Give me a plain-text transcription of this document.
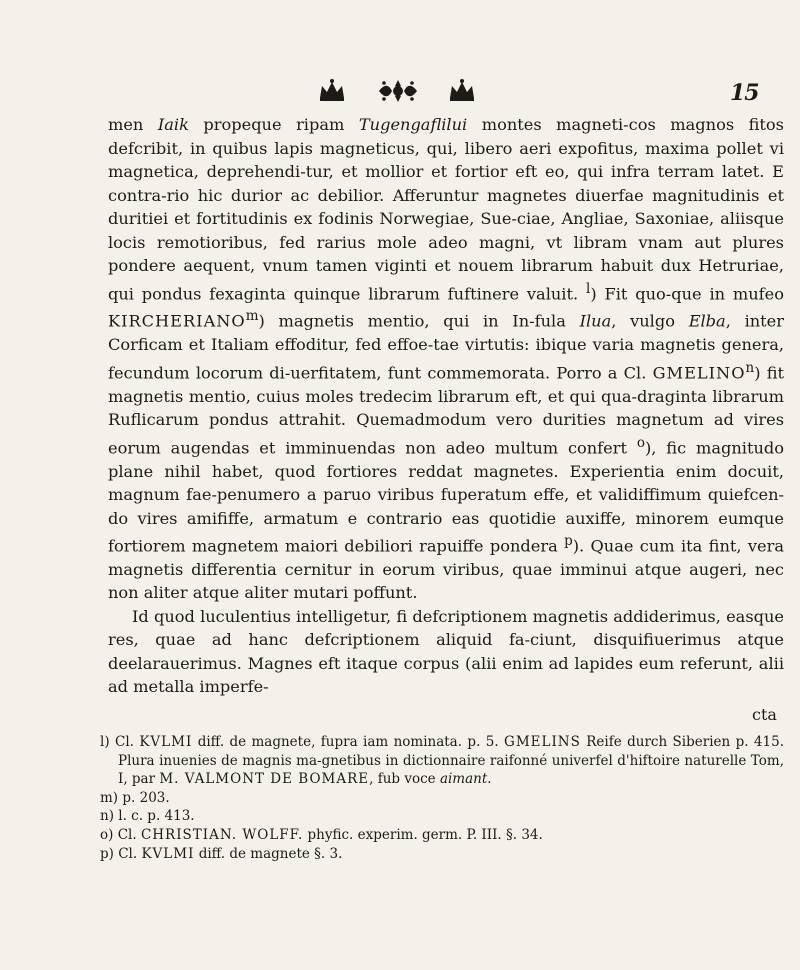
15

men Iaik propeque ripam Tugengaflilui montes magneti-cos magnos fitos defcribit, in quibus lapis magneticus, qui, libero aeri expofitus, maxima pollet vi magnetica, deprehendi-tur, et mollior et fortior eft eo, qui infra terram latet. E contra-rio hic durior ac debilior. Afferuntur magnetes diuerfae magnitudinis et duritiei et fortitudinis ex fodinis Norwegiae, Sue-ciae, Angliae, Saxoniae, aliisque locis remotioribus, fed rarius mole adeo magni, vt libram vnam aut plures pondere aequent, vnum tamen viginti et nouem librarum habuit dux Hetruriae, qui pondus fexaginta quinque librarum fuftinere valuit. $^l$) Fit quo-que in mufeo KIRCHERIANO$^m$) magnetis mentio, qui in In-fula Ilua, vulgo Elba, inter Corficam et Italiam effoditur, fed effoe-tae virtutis: ibique varia magnetis genera, fecundum locorum di-uerfitatem, funt commemorata. Porro a Cl. GMELINO$^n$) fit magnetis mentio, cuius moles tredecim librarum eft, et qui qua-draginta librarum Ruflicarum pondus attrahit. Quemadmodum vero durities magnetum ad vires eorum augendas et imminuendas non adeo multum confert $^o$), fic magnitudo plane nihil habet, quod fortiores reddat magnetes. Experientia enim docuit, magnum fae-penumero a paruo viribus fuperatum effe, et validiffimum quiefcen-do vires amififfe, armatum e contrario eas quotidie auxiffe, minorem eumque fortiorem magnetem maiori debiliori rapuiffe pondera $^p$). Quae cum ita fint, vera magnetis differentia cernitur in eorum viribus, quae imminui atque augeri, nec non aliter atque aliter mutari poffunt.

Id quod luculentius intelligetur, fi defcriptionem magnetis addiderimus, easque res, quae ad hanc defcriptionem aliquid fa-ciunt, disquifiuerimus atque deelarauerimus. Magnes eft itaque corpus (alii enim ad lapides eum referunt, alii ad metalla imperfe-

cta

l) Cl. KVLMI diff. de magnete, fupra iam nominata. p. 5. GMELINS Reife durch Siberien p. 415. Plura inuenies de magnis ma-gnetibus in dictionnaire raifonné univerfel d'hiftoire naturelle Tom, I, par M. VALMONT DE BOMARE, fub voce aimant.

m) p. 203.

n) l. c. p. 413.

o) Cl. CHRISTIAN. WOLFF. phyfic. experim. germ. P. III. §. 34.

p) Cl. KVLMI diff. de magnete §. 3.
